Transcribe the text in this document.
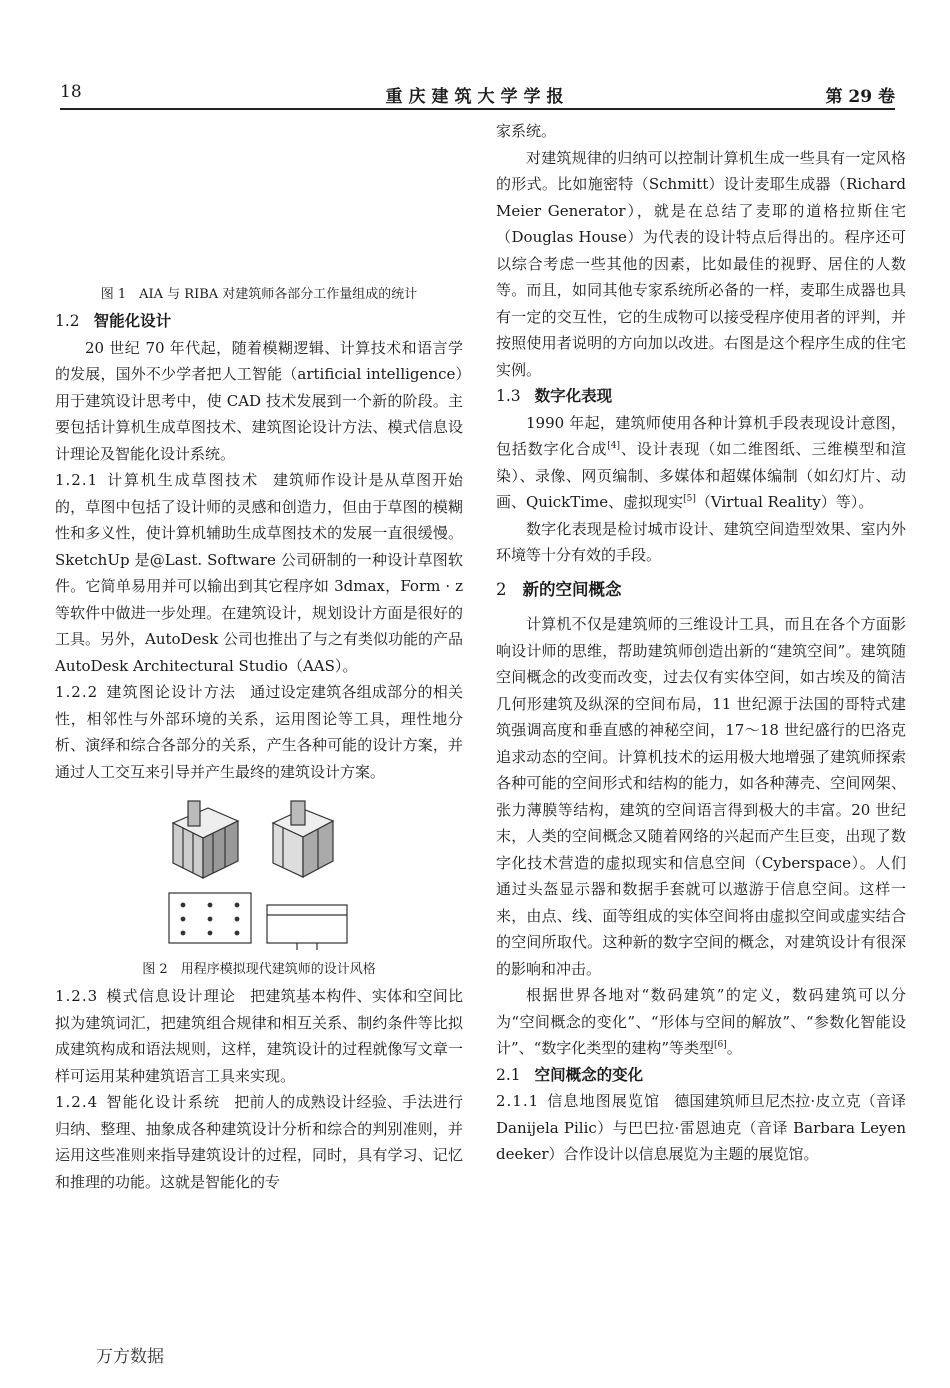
18	重庆建筑大学学报	第 29 卷

图 1　AIA 与 RIBA 对建筑师各部分工作量组成的统计

1.2 智能化设计

20 世纪 70 年代起，随着模糊逻辑、计算技术和语言学的发展，国外不少学者把人工智能（artificial intelligence）用于建筑设计思考中，使 CAD 技术发展到一个新的阶段。主要包括计算机生成草图技术、建筑图论设计方法、模式信息设计理论及智能化设计系统。

1.2.1 计算机生成草图技术 建筑师作设计是从草图开始的，草图中包括了设计师的灵感和创造力，但由于草图的模糊性和多义性，使计算机辅助生成草图技术的发展一直很缓慢。SketchUp 是@Last. Software 公司研制的一种设计草图软件。它简单易用并可以输出到其它程序如 3dmax，Form · z 等软件中做进一步处理。在建筑设计，规划设计方面是很好的工具。另外，AutoDesk 公司也推出了与之有类似功能的产品 AutoDesk Architectural Studio（AAS）。

1.2.2 建筑图论设计方法 通过设定建筑各组成部分的相关性，相邻性与外部环境的关系，运用图论等工具，理性地分析、演绎和综合各部分的关系，产生各种可能的设计方案，并通过人工交互来引导并产生最终的建筑设计方案。

图 2　用程序模拟现代建筑师的设计风格

1.2.3 模式信息设计理论 把建筑基本构件、实体和空间比拟为建筑词汇，把建筑组合规律和相互关系、制约条件等比拟成建筑构成和语法规则，这样，建筑设计的过程就像写文章一样可运用某种建筑语言工具来实现。

1.2.4 智能化设计系统 把前人的成熟设计经验、手法进行归纳、整理、抽象成各种建筑设计分析和综合的判别准则，并运用这些准则来指导建筑设计的过程，同时，具有学习、记忆和推理的功能。这就是智能化的专

家系统。

对建筑规律的归纳可以控制计算机生成一些具有一定风格的形式。比如施密特（Schmitt）设计麦耶生成器（Richard Meier Generator），就是在总结了麦耶的道格拉斯住宅（Douglas House）为代表的设计特点后得出的。程序还可以综合考虑一些其他的因素，比如最佳的视野、居住的人数等。而且，如同其他专家系统所必备的一样，麦耶生成器也具有一定的交互性，它的生成物可以接受程序使用者的评判，并按照使用者说明的方向加以改进。右图是这个程序生成的住宅实例。

1.3 数字化表现

1990 年起，建筑师使用各种计算机手段表现设计意图，包括数字化合成[4]、设计表现（如二维图纸、三维模型和渲染）、录像、网页编制、多媒体和超媒体编制（如幻灯片、动画、QuickTime、虚拟现实[5]（Virtual Reality）等）。

数字化表现是检讨城市设计、建筑空间造型效果、室内外环境等十分有效的手段。

2 新的空间概念

计算机不仅是建筑师的三维设计工具，而且在各个方面影响设计师的思维，帮助建筑师创造出新的“建筑空间”。建筑随空间概念的改变而改变，过去仅有实体空间，如古埃及的简洁几何形建筑及纵深的空间布局，11 世纪源于法国的哥特式建筑强调高度和垂直感的神秘空间，17～18 世纪盛行的巴洛克追求动态的空间。计算机技术的运用极大地增强了建筑师探索各种可能的空间形式和结构的能力，如各种薄壳、空间网架、张力薄膜等结构，建筑的空间语言得到极大的丰富。20 世纪末，人类的空间概念又随着网络的兴起而产生巨变，出现了数字化技术营造的虚拟现实和信息空间（Cyberspace）。人们通过头盔显示器和数据手套就可以遨游于信息空间。这样一来，由点、线、面等组成的实体空间将由虚拟空间或虚实结合的空间所取代。这种新的数字空间的概念，对建筑设计有很深的影响和冲击。

根据世界各地对“数码建筑”的定义，数码建筑可以分为“空间概念的变化”、“形体与空间的解放”、“参数化智能设计”、“数字化类型的建构”等类型[6]。

2.1 空间概念的变化

2.1.1 信息地图展览馆 德国建筑师旦尼杰拉·皮立克（音译 Danijela Pilic）与巴巴拉·雷恩迪克（音译 Barbara Leyen deeker）合作设计以信息展览为主题的展览馆。

万方数据
